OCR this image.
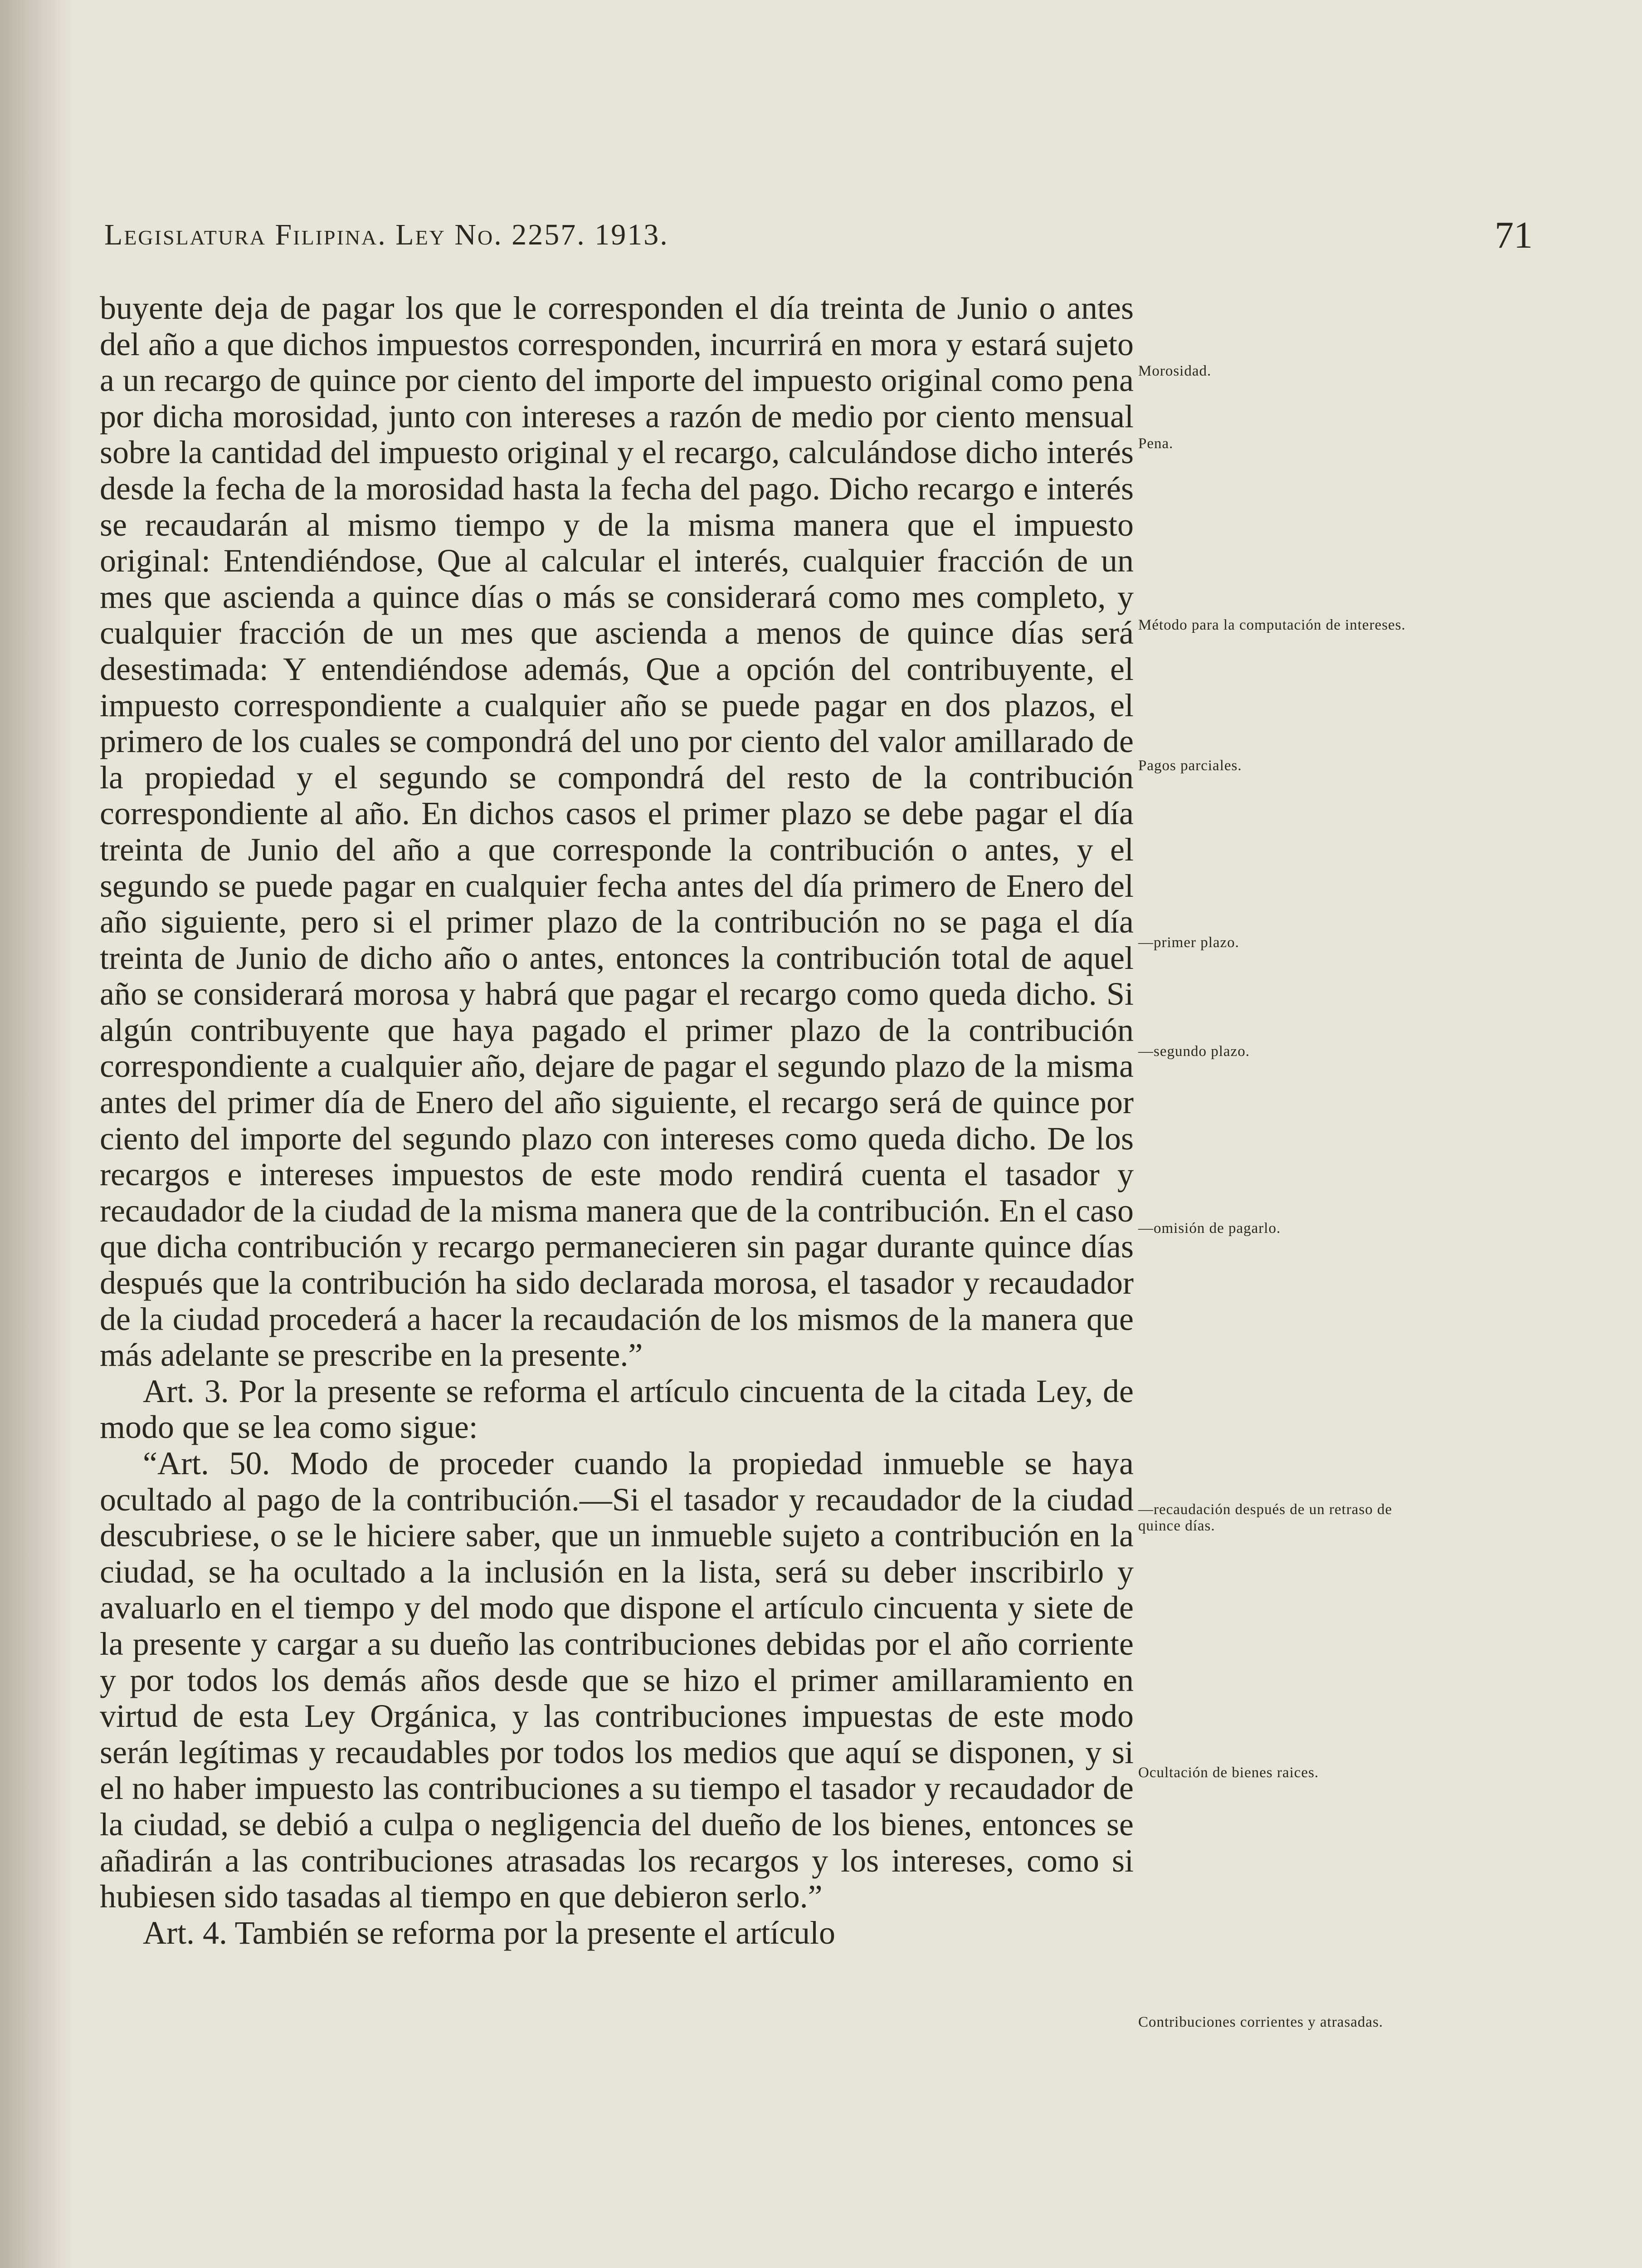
Legislatura Filipina. Ley No. 2257. 1913.	71

buyente deja de pagar los que le corresponden el día treinta de Junio o antes del año a que dichos impuestos corresponden, incurrirá en mora y estará sujeto a un recargo de quince por ciento del importe del impuesto original como pena por dicha morosidad, junto con intereses a razón de medio por ciento mensual sobre la cantidad del impuesto original y el recargo, calculándose dicho interés desde la fecha de la morosidad hasta la fecha del pago. Dicho recargo e interés se recaudarán al mismo tiempo y de la misma manera que el impuesto original: Entendiéndose, Que al calcular el interés, cualquier fracción de un mes que ascienda a quince días o más se considerará como mes completo, y cualquier fracción de un mes que ascienda a menos de quince días será desestimada: Y entendiéndose además, Que a opción del contribuyente, el impuesto correspondiente a cualquier año se puede pagar en dos plazos, el primero de los cuales se compondrá del uno por ciento del valor amillarado de la propiedad y el segundo se compondrá del resto de la contribución correspondiente al año. En dichos casos el primer plazo se debe pagar el día treinta de Junio del año a que corresponde la contribución o antes, y el segundo se puede pagar en cualquier fecha antes del día primero de Enero del año siguiente, pero si el primer plazo de la contribución no se paga el día treinta de Junio de dicho año o antes, entonces la contribución total de aquel año se considerará morosa y habrá que pagar el recargo como queda dicho. Si algún contribuyente que haya pagado el primer plazo de la contribución correspondiente a cualquier año, dejare de pagar el segundo plazo de la misma antes del primer día de Enero del año siguiente, el recargo será de quince por ciento del importe del segundo plazo con intereses como queda dicho. De los recargos e intereses impuestos de este modo rendirá cuenta el tasador y recaudador de la ciudad de la misma manera que de la contribución. En el caso que dicha contribución y recargo permanecieren sin pagar durante quince días después que la contribución ha sido declarada morosa, el tasador y recaudador de la ciudad procederá a hacer la recaudación de los mismos de la manera que más adelante se prescribe en la presente.”

Art. 3. Por la presente se reforma el artículo cincuenta de la citada Ley, de modo que se lea como sigue:

“Art. 50. Modo de proceder cuando la propiedad inmueble se haya ocultado al pago de la contribución.—Si el tasador y recaudador de la ciudad descubriese, o se le hiciere saber, que un inmueble sujeto a contribución en la ciudad, se ha ocultado a la inclusión en la lista, será su deber inscribirlo y avaluarlo en el tiempo y del modo que dispone el artículo cincuenta y siete de la presente y cargar a su dueño las contribuciones debidas por el año corriente y por todos los demás años desde que se hizo el primer amillaramiento en virtud de esta Ley Orgánica, y las contribuciones impuestas de este modo serán legítimas y recaudables por todos los medios que aquí se disponen, y si el no haber impuesto las contribuciones a su tiempo el tasador y recaudador de la ciudad, se debió a culpa o negligencia del dueño de los bienes, entonces se añadirán a las contribuciones atrasadas los recargos y los intereses, como si hubiesen sido tasadas al tiempo en que debieron serlo.”

Art. 4. También se reforma por la presente el artículo

Morosidad.
Pena.
Método para la computación de intereses.
Pagos parciales.
—primer plazo.
—segundo plazo.
—omisión de pagarlo.
—recaudación después de un retraso de quince días.
Ocultación de bienes raices.
Contribuciones corrientes y atrasadas.
